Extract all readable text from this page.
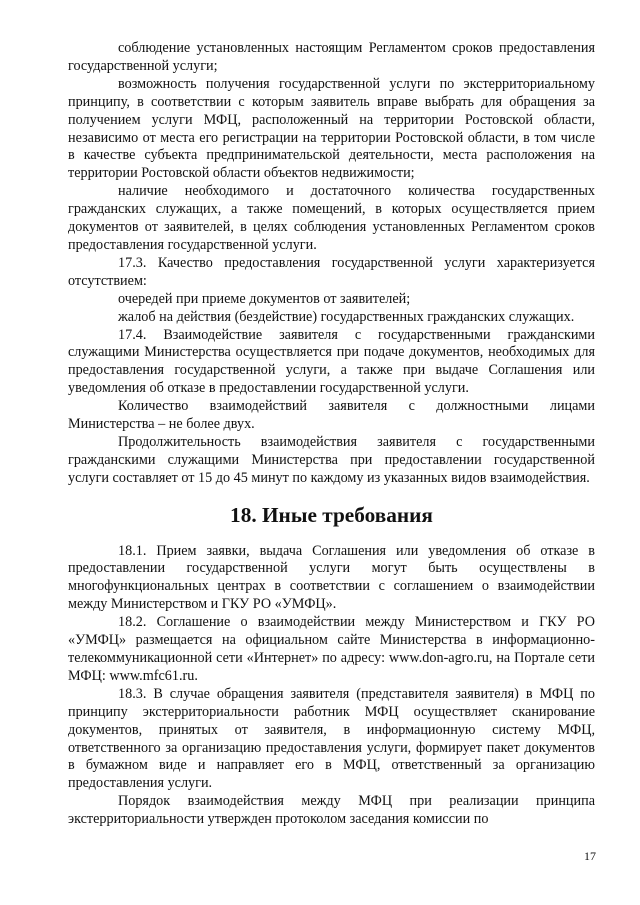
соблюдение установленных настоящим Регламентом сроков предоставления государственной услуги;

возможность получения государственной услуги по экстерриториальному принципу, в соответствии с которым заявитель вправе выбрать для обращения за получением услуги МФЦ, расположенный на территории Ростовской области, независимо от места его регистрации на территории Ростовской области, в том числе в качестве субъекта предпринимательской деятельности, места расположения на территории Ростовской области объектов недвижимости;

наличие необходимого и достаточного количества государственных гражданских служащих, а также помещений, в которых осуществляется прием документов от заявителей, в целях соблюдения установленных Регламентом сроков предоставления государственной услуги.

17.3. Качество предоставления государственной услуги характеризуется отсутствием:

очередей при приеме документов от заявителей;

жалоб на действия (бездействие) государственных гражданских служащих.

17.4. Взаимодействие заявителя с государственными гражданскими служащими Министерства осуществляется при подаче документов, необходимых для предоставления государственной услуги, а также при выдаче Соглашения или уведомления об отказе в предоставлении государственной услуги.

Количество взаимодействий заявителя с должностными лицами Министерства – не более двух.

Продолжительность взаимодействия заявителя с государственными гражданскими служащими Министерства при предоставлении государственной услуги составляет от 15 до 45 минут по каждому из указанных видов взаимодействия.

18. Иные требования

18.1. Прием заявки, выдача Соглашения или уведомления об отказе в предоставлении государственной услуги могут быть осуществлены в многофункциональных центрах в соответствии с соглашением о взаимодействии между Министерством и ГКУ РО «УМФЦ».

18.2. Соглашение о взаимодействии между Министерством и ГКУ РО «УМФЦ» размещается на официальном сайте Министерства в информационно-телекоммуникационной сети «Интернет» по адресу: www.don-agro.ru, на Портале сети МФЦ: www.mfc61.ru.

18.3. В случае обращения заявителя (представителя заявителя) в МФЦ по принципу экстерриториальности работник МФЦ осуществляет сканирование документов, принятых от заявителя, в информационную систему МФЦ, ответственного за организацию предоставления услуги, формирует пакет документов в бумажном виде и направляет его в МФЦ, ответственный за организацию предоставления услуги.

Порядок взаимодействия между МФЦ при реализации принципа экстерриториальности утвержден протоколом заседания комиссии по

17
